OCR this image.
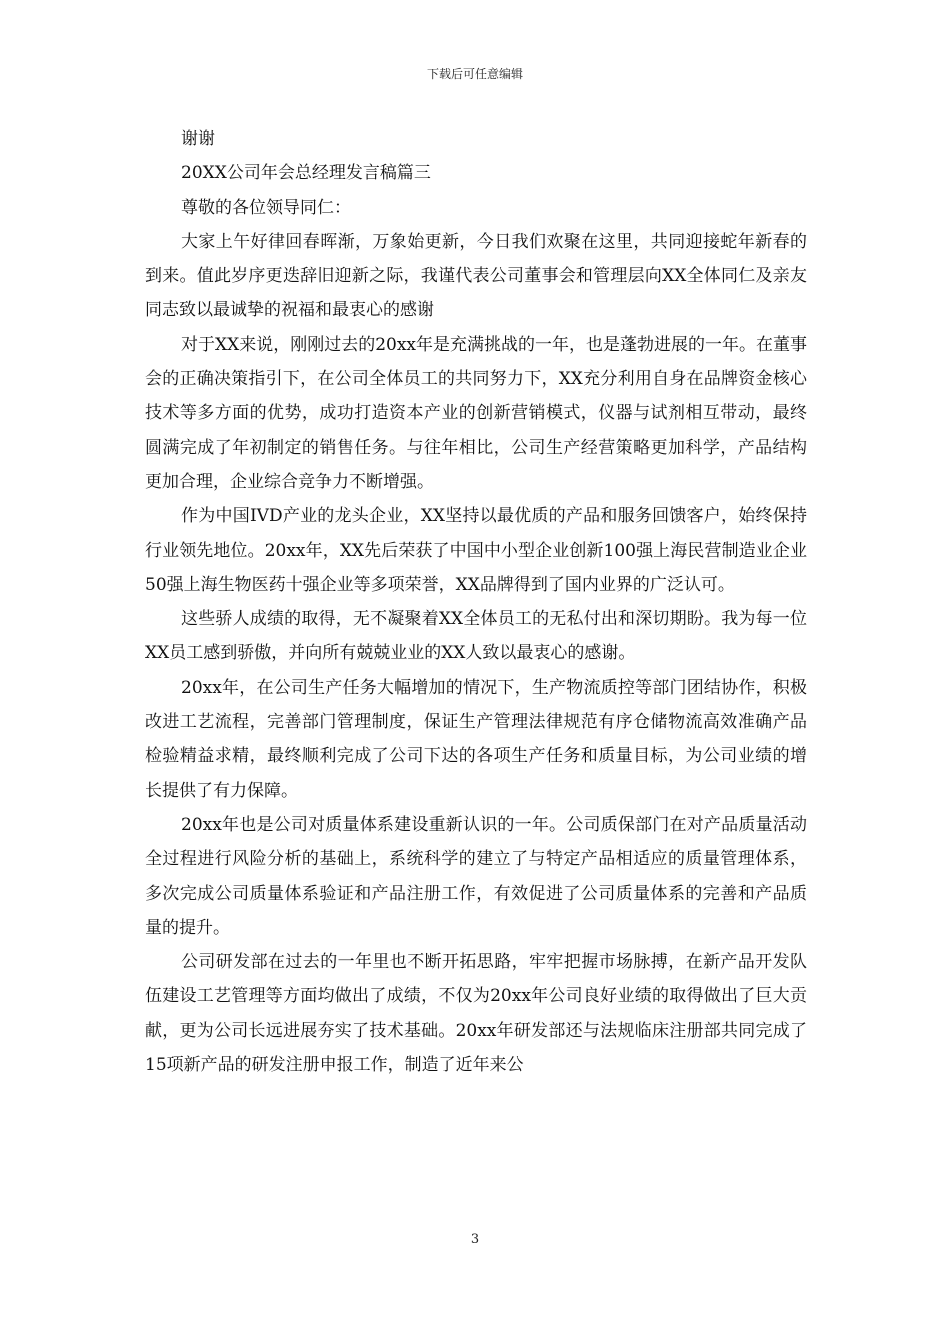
下载后可任意编辑

谢谢

20XX公司年会总经理发言稿篇三

尊敬的各位领导同仁：

大家上午好律回春晖渐，万象始更新，今日我们欢聚在这里，共同迎接蛇年新春的到来。值此岁序更迭辞旧迎新之际，我谨代表公司董事会和管理层向XX全体同仁及亲友同志致以最诚挚的祝福和最衷心的感谢

对于XX来说，刚刚过去的20xx年是充满挑战的一年，也是蓬勃进展的一年。在董事会的正确决策指引下，在公司全体员工的共同努力下，XX充分利用自身在品牌资金核心技术等多方面的优势，成功打造资本产业的创新营销模式，仪器与试剂相互带动，最终圆满完成了年初制定的销售任务。与往年相比，公司生产经营策略更加科学，产品结构更加合理，企业综合竞争力不断增强。

作为中国IVD产业的龙头企业，XX坚持以最优质的产品和服务回馈客户，始终保持行业领先地位。20xx年，XX先后荣获了中国中小型企业创新100强上海民营制造业企业50强上海生物医药十强企业等多项荣誉，XX品牌得到了国内业界的广泛认可。

这些骄人成绩的取得，无不凝聚着XX全体员工的无私付出和深切期盼。我为每一位XX员工感到骄傲，并向所有兢兢业业的XX人致以最衷心的感谢。

20xx年，在公司生产任务大幅增加的情况下，生产物流质控等部门团结协作，积极改进工艺流程，完善部门管理制度，保证生产管理法律规范有序仓储物流高效准确产品检验精益求精，最终顺利完成了公司下达的各项生产任务和质量目标，为公司业绩的增长提供了有力保障。

20xx年也是公司对质量体系建设重新认识的一年。公司质保部门在对产品质量活动全过程进行风险分析的基础上，系统科学的建立了与特定产品相适应的质量管理体系，多次完成公司质量体系验证和产品注册工作，有效促进了公司质量体系的完善和产品质量的提升。

公司研发部在过去的一年里也不断开拓思路，牢牢把握市场脉搏，在新产品开发队伍建设工艺管理等方面均做出了成绩，不仅为20xx年公司良好业绩的取得做出了巨大贡献，更为公司长远进展夯实了技术基础。20xx年研发部还与法规临床注册部共同完成了15项新产品的研发注册申报工作，制造了近年来公

3
